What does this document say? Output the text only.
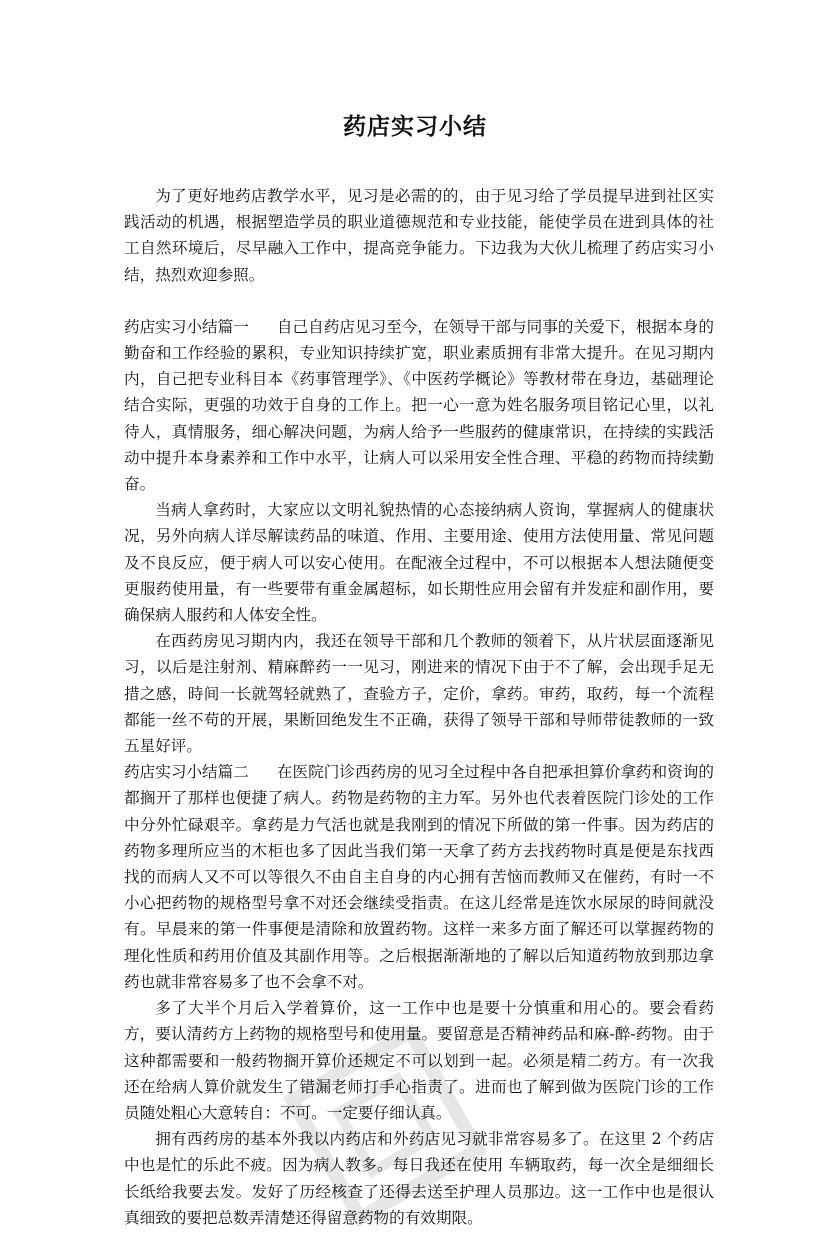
药店实习小结

为了更好地药店教学水平，见习是必需的的，由于见习给了学员提早进到社区实践活动的机遇，根据塑造学员的职业道德规范和专业技能，能使学员在进到具体的社工自然环境后，尽早融入工作中，提高竞争能力。下边我为大伙儿梳理了药店实习小结，热烈欢迎参照。

药店实习小结篇一 自己自药店见习至今，在领导干部与同事的关爱下，根据本身的勤奋和工作经验的累积，专业知识持续扩宽，职业素质拥有非常大提升。在见习期内内，自己把专业科目本《药事管理学》、《中医药学概论》等教材带在身边，基础理论结合实际，更强的功效于自身的工作上。把一心一意为姓名服务项目铭记心里，以礼待人，真情服务，细心解决问题，为病人给予一些服药的健康常识，在持续的实践活动中提升本身素养和工作中水平，让病人可以采用安全性合理、平稳的药物而持续勤奋。

当病人拿药时，大家应以文明礼貌热情的心态接纳病人资询，掌握病人的健康状况，另外向病人详尽解读药品的味道、作用、主要用途、使用方法使用量、常见问题及不良反应，便于病人可以安心使用。在配液全过程中，不可以根据本人想法随便变更服药使用量，有一些要带有重金属超标，如长期性应用会留有并发症和副作用，要确保病人服药和人体安全性。

在西药房见习期内内，我还在领导干部和几个教师的领着下，从片状层面逐渐见习，以后是注射剂、精麻醉药一一见习，刚进来的情况下由于不了解，会出现手足无措之感，時间一长就驾轻就熟了，查验方子，定价，拿药。审药，取药，每一个流程都能一丝不苟的开展，果断回绝发生不正确，获得了领导干部和导师带徒教师的一致五星好评。

药店实习小结篇二 在医院门诊西药房的见习全过程中各自把承担算价拿药和资询的都搁开了那样也便捷了病人。药物是药物的主力军。另外也代表着医院门诊处的工作中分外忙碌艰辛。拿药是力气活也就是我刚到的情况下所做的第一件事。因为药店的药物多理所应当的木柜也多了因此当我们第一天拿了药方去找药物时真是便是东找西找的而病人又不可以等很久不由自主自身的内心拥有苦恼而教师又在催药，有时一不小心把药物的规格型号拿不对还会继续受指责。在这儿经常是连饮水尿尿的時间就没有。早晨来的第一件事便是清除和放置药物。这样一来多方面了解还可以掌握药物的理化性质和药用价值及其副作用等。之后根据渐渐地的了解以后知道药物放到那边拿药也就非常容易多了也不会拿不对。

多了大半个月后入学着算价，这一工作中也是要十分慎重和用心的。要会看药方，要认清药方上药物的规格型号和使用量。要留意是否精神药品和麻-醉-药物。由于这种都需要和一般药物搁开算价还规定不可以划到一起。必须是精二药方。有一次我还在给病人算价就发生了错漏老师打手心指责了。进而也了解到做为医院门诊的工作员随处粗心大意转自：不可。一定要仔细认真。

拥有西药房的基本外我以内药店和外药店见习就非常容易多了。在这里 2 个药店中也是忙的乐此不疲。因为病人教多。每日我还在使用 车辆取药，每一次全是细细长长纸给我要去发。发好了历经核查了还得去送至护理人员那边。这一工作中也是很认真细致的要把总数弄清楚还得留意药物的有效期限。
